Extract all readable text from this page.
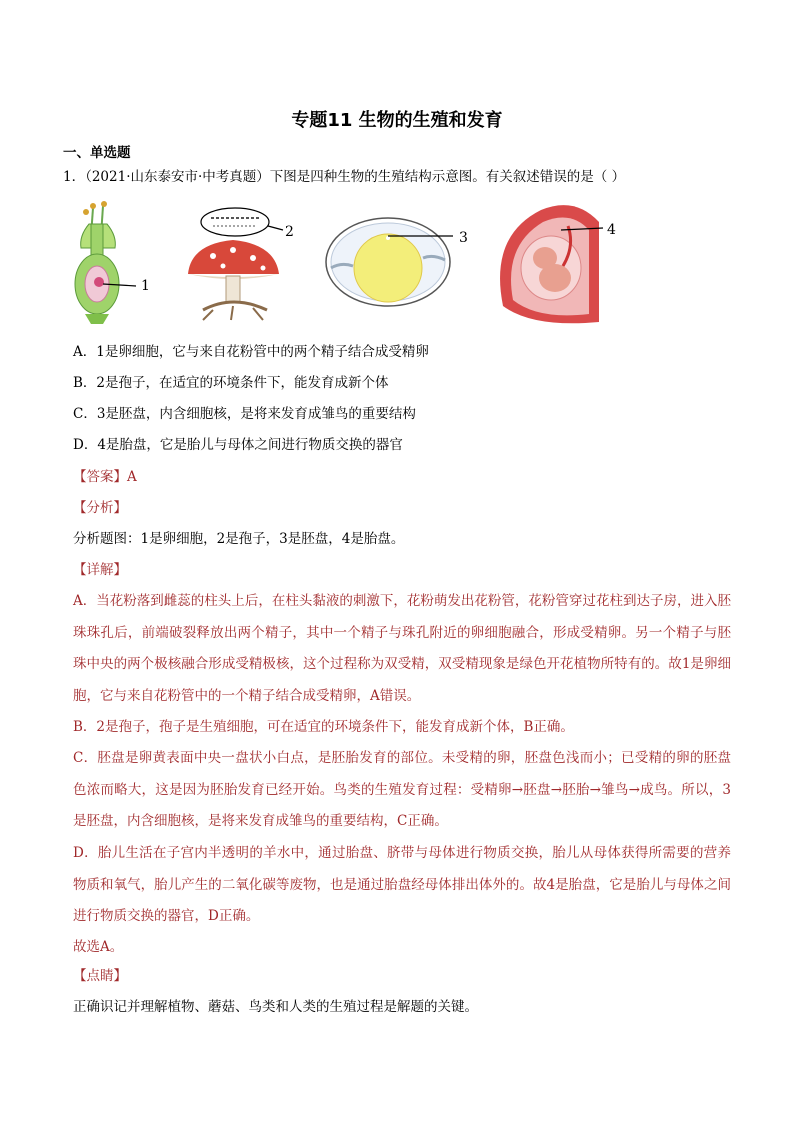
专题11 生物的生殖和发育
一、单选题
1．（2021·山东泰安市·中考真题）下图是四种生物的生殖结构示意图。有关叙述错误的是（ ）
1
2	3	4
A．1是卵细胞，它与来自花粉管中的两个精子结合成受精卵
B．2是孢子，在适宜的环境条件下，能发育成新个体
C．3是胚盘，内含细胞核，是将来发育成雏鸟的重要结构
D．4是胎盘，它是胎儿与母体之间进行物质交换的器官
【答案】A
【分析】
分析题图：1是卵细胞，2是孢子，3是胚盘，4是胎盘。
【详解】
A．当花粉落到雌蕊的柱头上后，在柱头黏液的刺激下，花粉萌发出花粉管，花粉管穿过花柱到达子房，进入胚珠珠孔后，前端破裂释放出两个精子，其中一个精子与珠孔附近的卵细胞融合，形成受精卵。另一个精子与胚珠中央的两个极核融合形成受精极核，这个过程称为双受精，双受精现象是绿色开花植物所特有的。故1是卵细胞，它与来自花粉管中的一个精子结合成受精卵，A错误。
B．2是孢子，孢子是生殖细胞，可在适宜的环境条件下，能发育成新个体，B正确。
C．胚盘是卵黄表面中央一盘状小白点，是胚胎发育的部位。未受精的卵，胚盘色浅而小；已受精的卵的胚盘色浓而略大，这是因为胚胎发育已经开始。鸟类的生殖发育过程：受精卵→胚盘→胚胎→雏鸟→成鸟。所以，3是胚盘，内含细胞核，是将来发育成雏鸟的重要结构，C正确。
D．胎儿生活在子宫内半透明的羊水中，通过胎盘、脐带与母体进行物质交换，胎儿从母体获得所需要的营养物质和氧气，胎儿产生的二氧化碳等废物，也是通过胎盘经母体排出体外的。故4是胎盘，它是胎儿与母体之间进行物质交换的器官，D正确。
故选A。
【点睛】
正确识记并理解植物、蘑菇、鸟类和人类的生殖过程是解题的关键。
